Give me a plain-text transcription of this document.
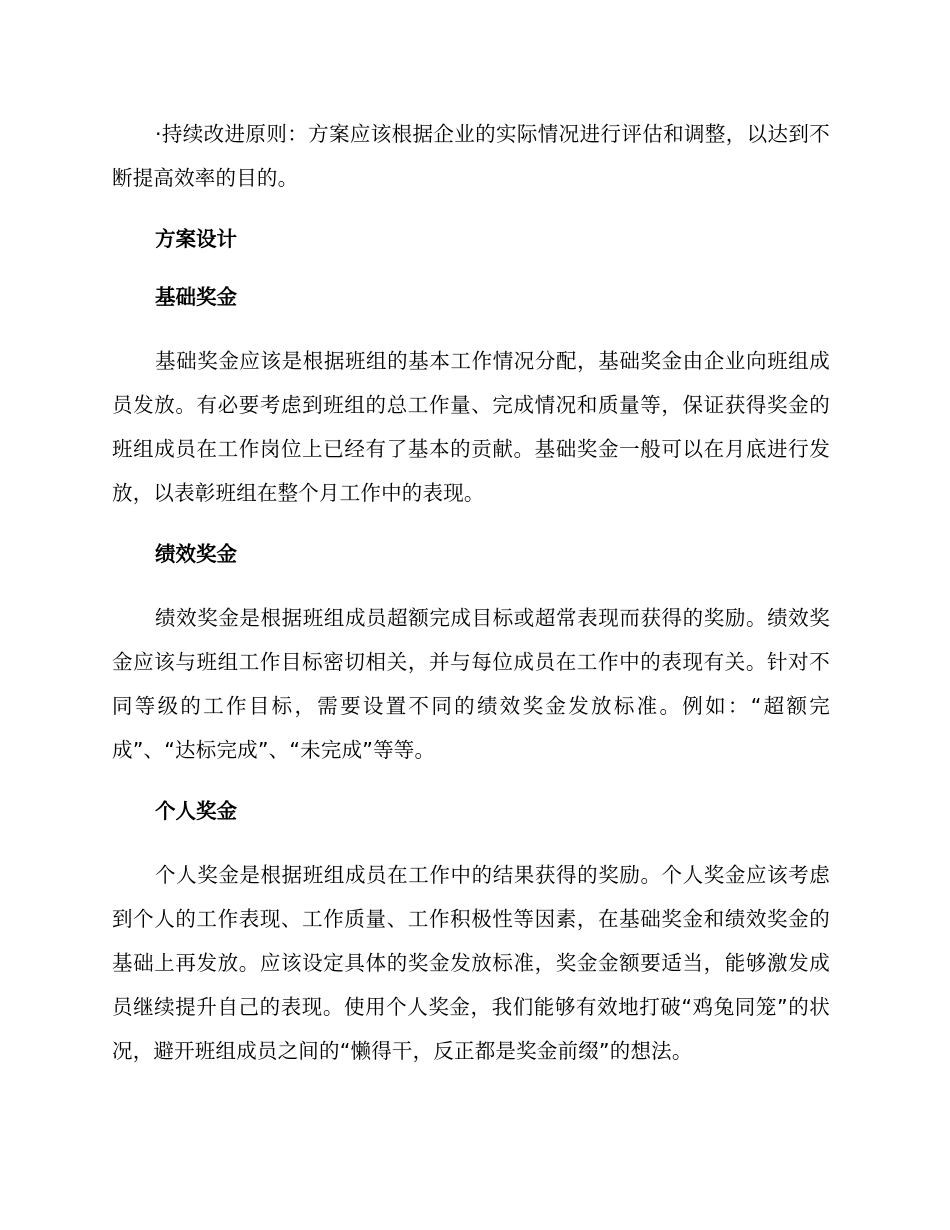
·持续改进原则：方案应该根据企业的实际情况进行评估和调整，以达到不断提高效率的目的。

方案设计
基础奖金

基础奖金应该是根据班组的基本工作情况分配，基础奖金由企业向班组成员发放。有必要考虑到班组的总工作量、完成情况和质量等，保证获得奖金的班组成员在工作岗位上已经有了基本的贡献。基础奖金一般可以在月底进行发放，以表彰班组在整个月工作中的表现。

绩效奖金

绩效奖金是根据班组成员超额完成目标或超常表现而获得的奖励。绩效奖金应该与班组工作目标密切相关，并与每位成员在工作中的表现有关。针对不同等级的工作目标，需要设置不同的绩效奖金发放标准。例如：“超额完成”、“达标完成”、“未完成”等等。

个人奖金

个人奖金是根据班组成员在工作中的结果获得的奖励。个人奖金应该考虑到个人的工作表现、工作质量、工作积极性等因素，在基础奖金和绩效奖金的基础上再发放。应该设定具体的奖金发放标准，奖金金额要适当，能够激发成员继续提升自己的表现。使用个人奖金，我们能够有效地打破“鸡兔同笼”的状况，避开班组成员之间的“懒得干，反正都是奖金前缀”的想法。
